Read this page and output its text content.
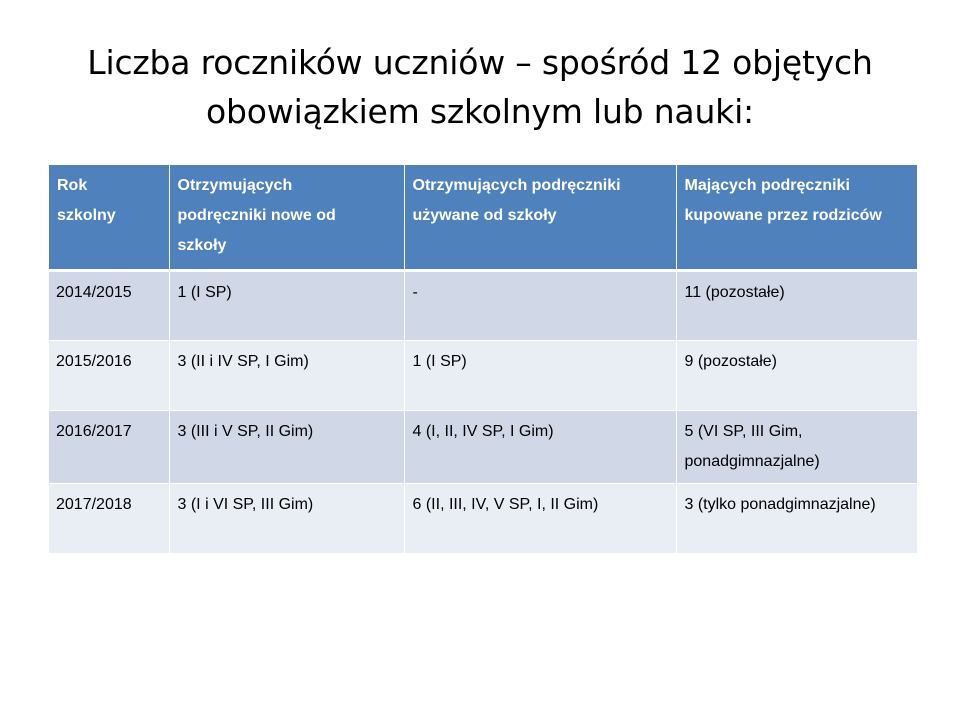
Liczba roczników uczniów – spośród 12 objętych
obowiązkiem szkolnym lub nauki:
Rok szkolny	Otrzymujących podręczniki nowe od szkoły	Otrzymujących podręczniki używane od szkoły	Mających podręczniki kupowane przez rodziców
2014/2015	1 (I SP)	-	11 (pozostałe)
2015/2016	3 (II i IV SP, I Gim)	1 (I SP)	9 (pozostałe)
2016/2017	3 (III i V SP, II Gim)	4 (I, II, IV SP, I Gim)	5 (VI SP, III Gim, ponadgimnazjalne)
2017/2018	3 (I i VI SP, III Gim)	6 (II, III, IV, V SP, I, II Gim)	3 (tylko ponadgimnazjalne)
